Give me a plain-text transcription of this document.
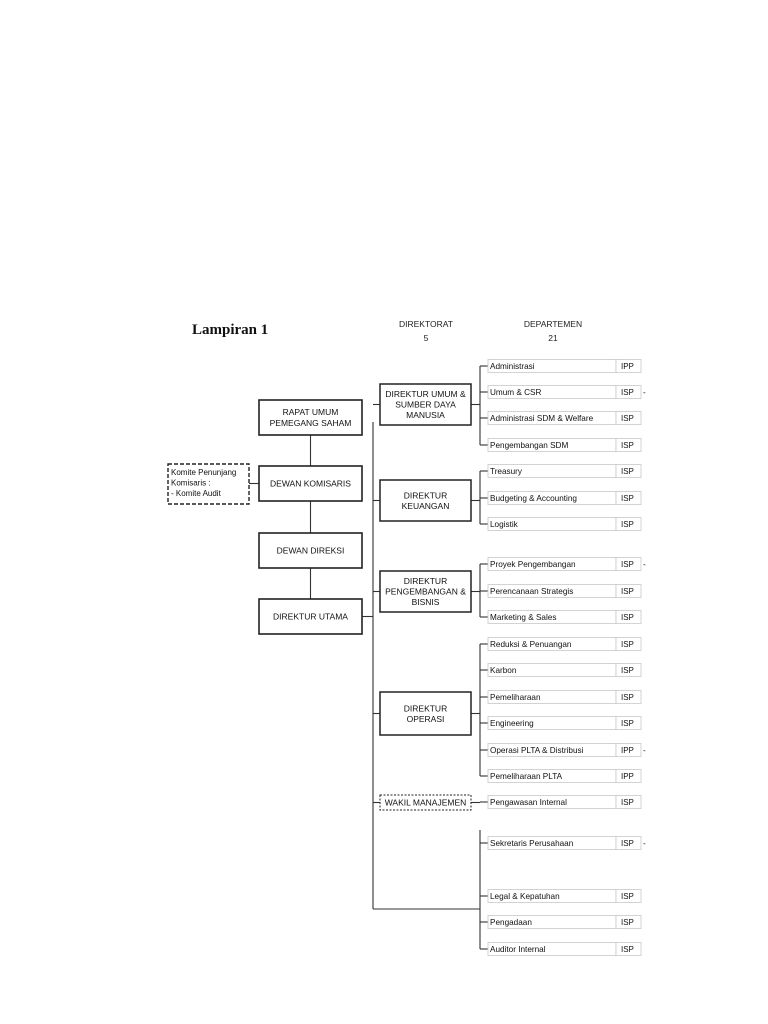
Lampiran 1	DIREKTORAT
5
DEPARTEMEN
21
RAPAT UMUM
PEMEGANG SAHAM
DEWAN KOMISARIS
DEWAN DIREKSI
DIREKTUR UTAMA
Komite Penunjang
Komisaris :
- Komite Audit
DIREKTUR UMUM &
SUMBER DAYA
MANUSIA
Administrasi	IPP
Umum & CSR	ISP -
Administrasi SDM & Welfare	ISP
Pengembangan SDM	ISP
DIREKTUR
KEUANGAN
Treasury	ISP
Budgeting & Accounting	ISP
Logistik	ISP
DIREKTUR
PENGEMBANGAN &
BISNIS
Proyek Pengembangan	ISP -
Perencanaan Strategis	ISP
Marketing & Sales	ISP
DIREKTUR
OPERASI
Reduksi & Penuangan	ISP
Karbon	ISP
Pemeliharaan	ISP
Engineering	ISP
Operasi PLTA & Distribusi	IPP -
Pemeliharaan PLTA	IPP
WAKIL MANAJEMEN	Pengawasan Internal	ISP
Sekretaris Perusahaan	ISP -
Legal & Kepatuhan	ISP
Pengadaan	ISP
Auditor Internal	ISP
